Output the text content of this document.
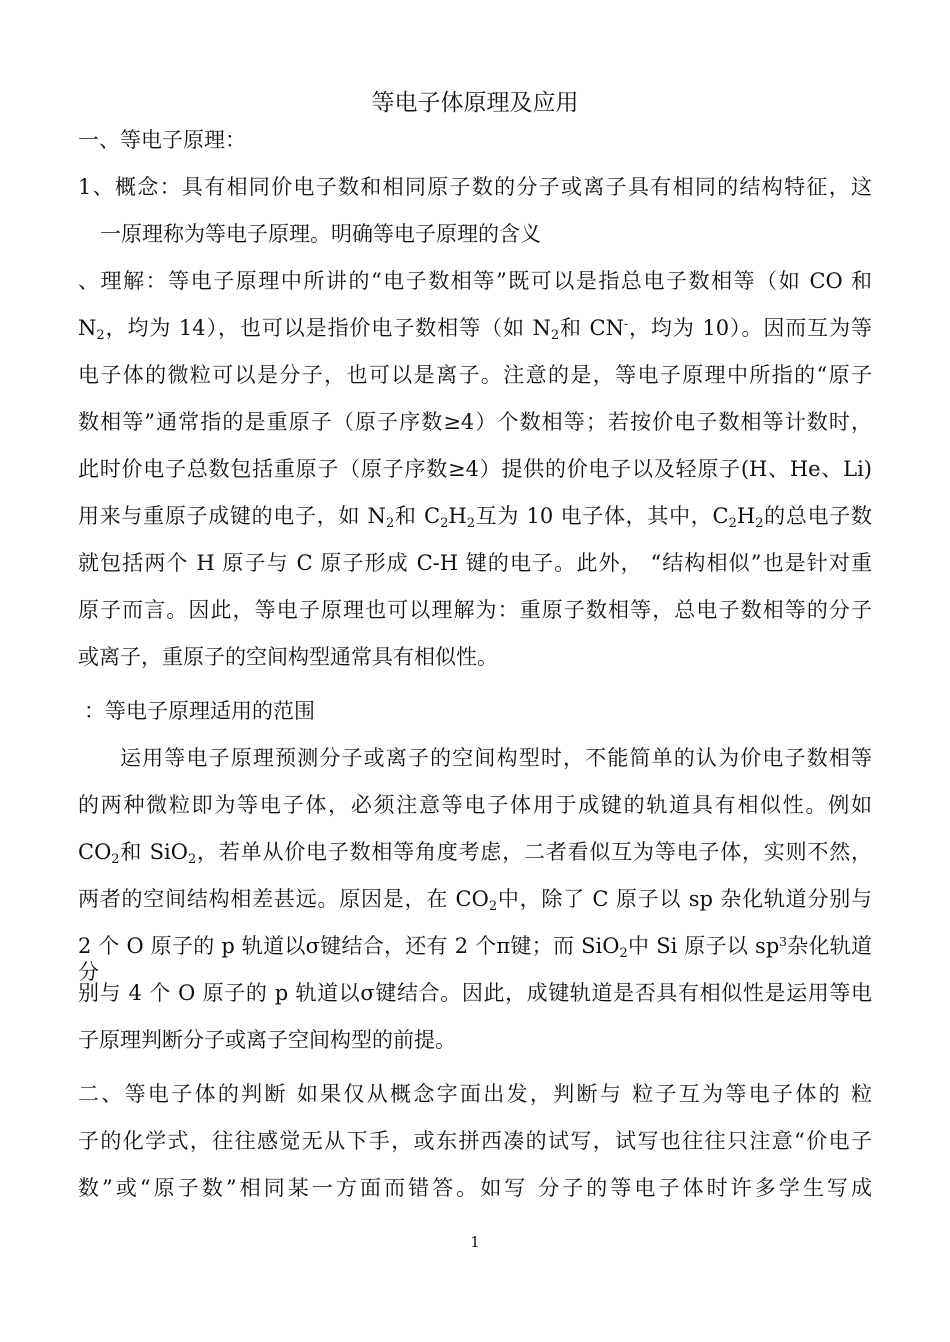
等电子体原理及应用
一、等电子原理：
1、概念：具有相同价电子数和相同原子数的分子或离子具有相同的结构特征，这
一原理称为等电子原理。明确等电子原理的含义
、理解：等电子原理中所讲的“电子数相等”既可以是指总电子数相等（如 CO 和
$N_2$，均为 14），也可以是指价电子数相等（如 $N_2$和 CN-，均为 10）。因而互为等
电子体的微粒可以是分子，也可以是离子。注意的是，等电子原理中所指的“原子
数相等”通常指的是重原子（原子序数≥4）个数相等；若按价电子数相等计数时，
此时价电子总数包括重原子（原子序数≥4）提供的价电子以及轻原子(H、He、Li)
用来与重原子成键的电子，如 $N_2$和 $C_2H_2$互为 10 电子体，其中，$C_2H_2$的总电子数
就包括两个 H 原子与 C 原子形成 C-H 键的电子。此外， “结构相似”也是针对重
原子而言。因此，等电子原理也可以理解为：重原子数相等，总电子数相等的分子
或离子，重原子的空间构型通常具有相似性。
：等电子原理适用的范围
运用等电子原理预测分子或离子的空间构型时，不能简单的认为价电子数相等
的两种微粒即为等电子体，必须注意等电子体用于成键的轨道具有相似性。例如
$CO_2$和 SiO$_2$，若单从价电子数相等角度考虑，二者看似互为等电子体，实则不然，
两者的空间结构相差甚远。原因是，在 $CO_2$中，除了 C 原子以 sp 杂化轨道分别与
2 个 O 原子的 p 轨道以σ键结合，还有 2 个π键；而 SiO$_2$中 Si 原子以 $sp^3$杂化轨道分
别与 4 个 O 原子的 p 轨道以σ键结合。因此，成键轨道是否具有相似性是运用等电
子原理判断分子或离子空间构型的前提。
二、等电子体的判断 如果仅从概念字面出发，判断与 粒子互为等电子体的 粒
子的化学式，往往感觉无从下手，或东拼西凑的试写，试写也往往只注意“价电子
数”或“原子数”相同某一方面而错答。如写 分子的等电子体时许多学生写成
1
